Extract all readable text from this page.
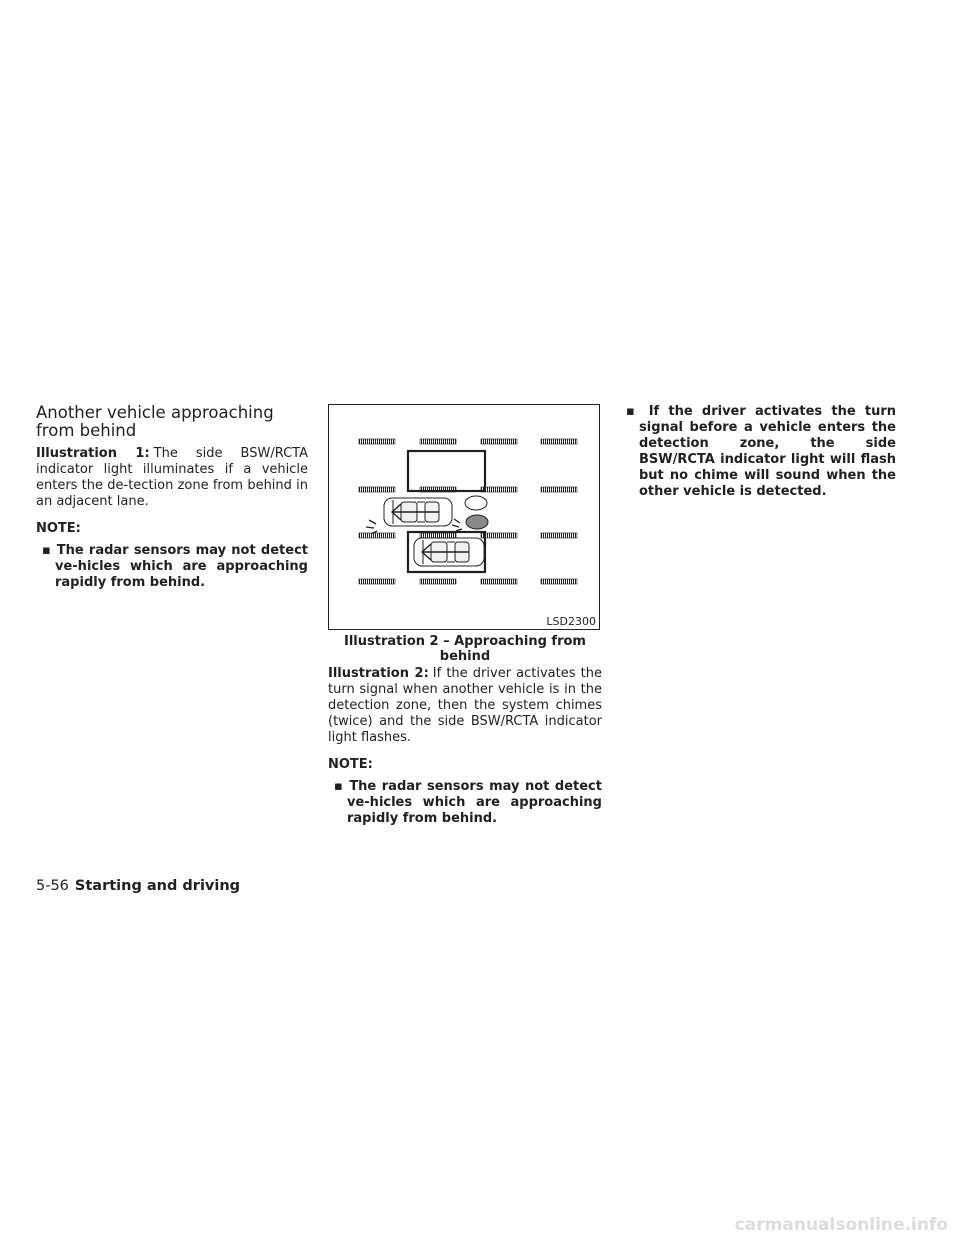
Another vehicle approaching from behind

Illustration 1: The side BSW/RCTA indicator light illuminates if a vehicle enters the de-tection zone from behind in an adjacent lane.

NOTE:

▪ The radar sensors may not detect ve-hicles which are approaching rapidly from behind.

LSD2300
Illustration 2 – Approaching from behind

Illustration 2: If the driver activates the turn signal when another vehicle is in the detection zone, then the system chimes (twice) and the side BSW/RCTA indicator light flashes.

NOTE:

▪ The radar sensors may not detect ve-hicles which are approaching rapidly from behind.

▪ If the driver activates the turn signal before a vehicle enters the detection zone, the side BSW/RCTA indicator light will flash but no chime will sound when the other vehicle is detected.

5-56 Starting and driving
carmanualsonline.info
